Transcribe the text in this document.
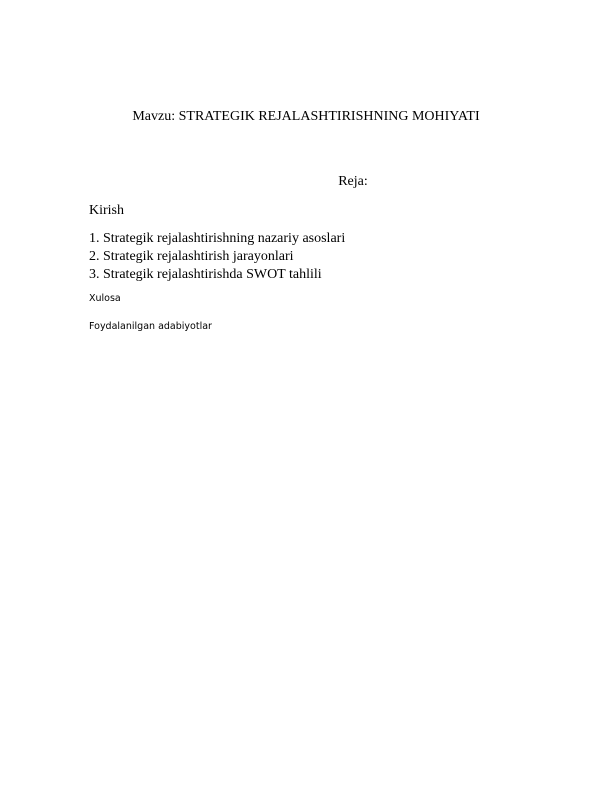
Mavzu: STRATEGIK REJALASHTIRISHNING MOHIYATI
Reja:
Kirish
1. Strategik rejalashtirishning nazariy asoslari
2. Strategik rejalashtirish jarayonlari
3. Strategik rejalashtirishda SWOT tahlili
Xulosa
Foydalanilgan adabiyotlar
